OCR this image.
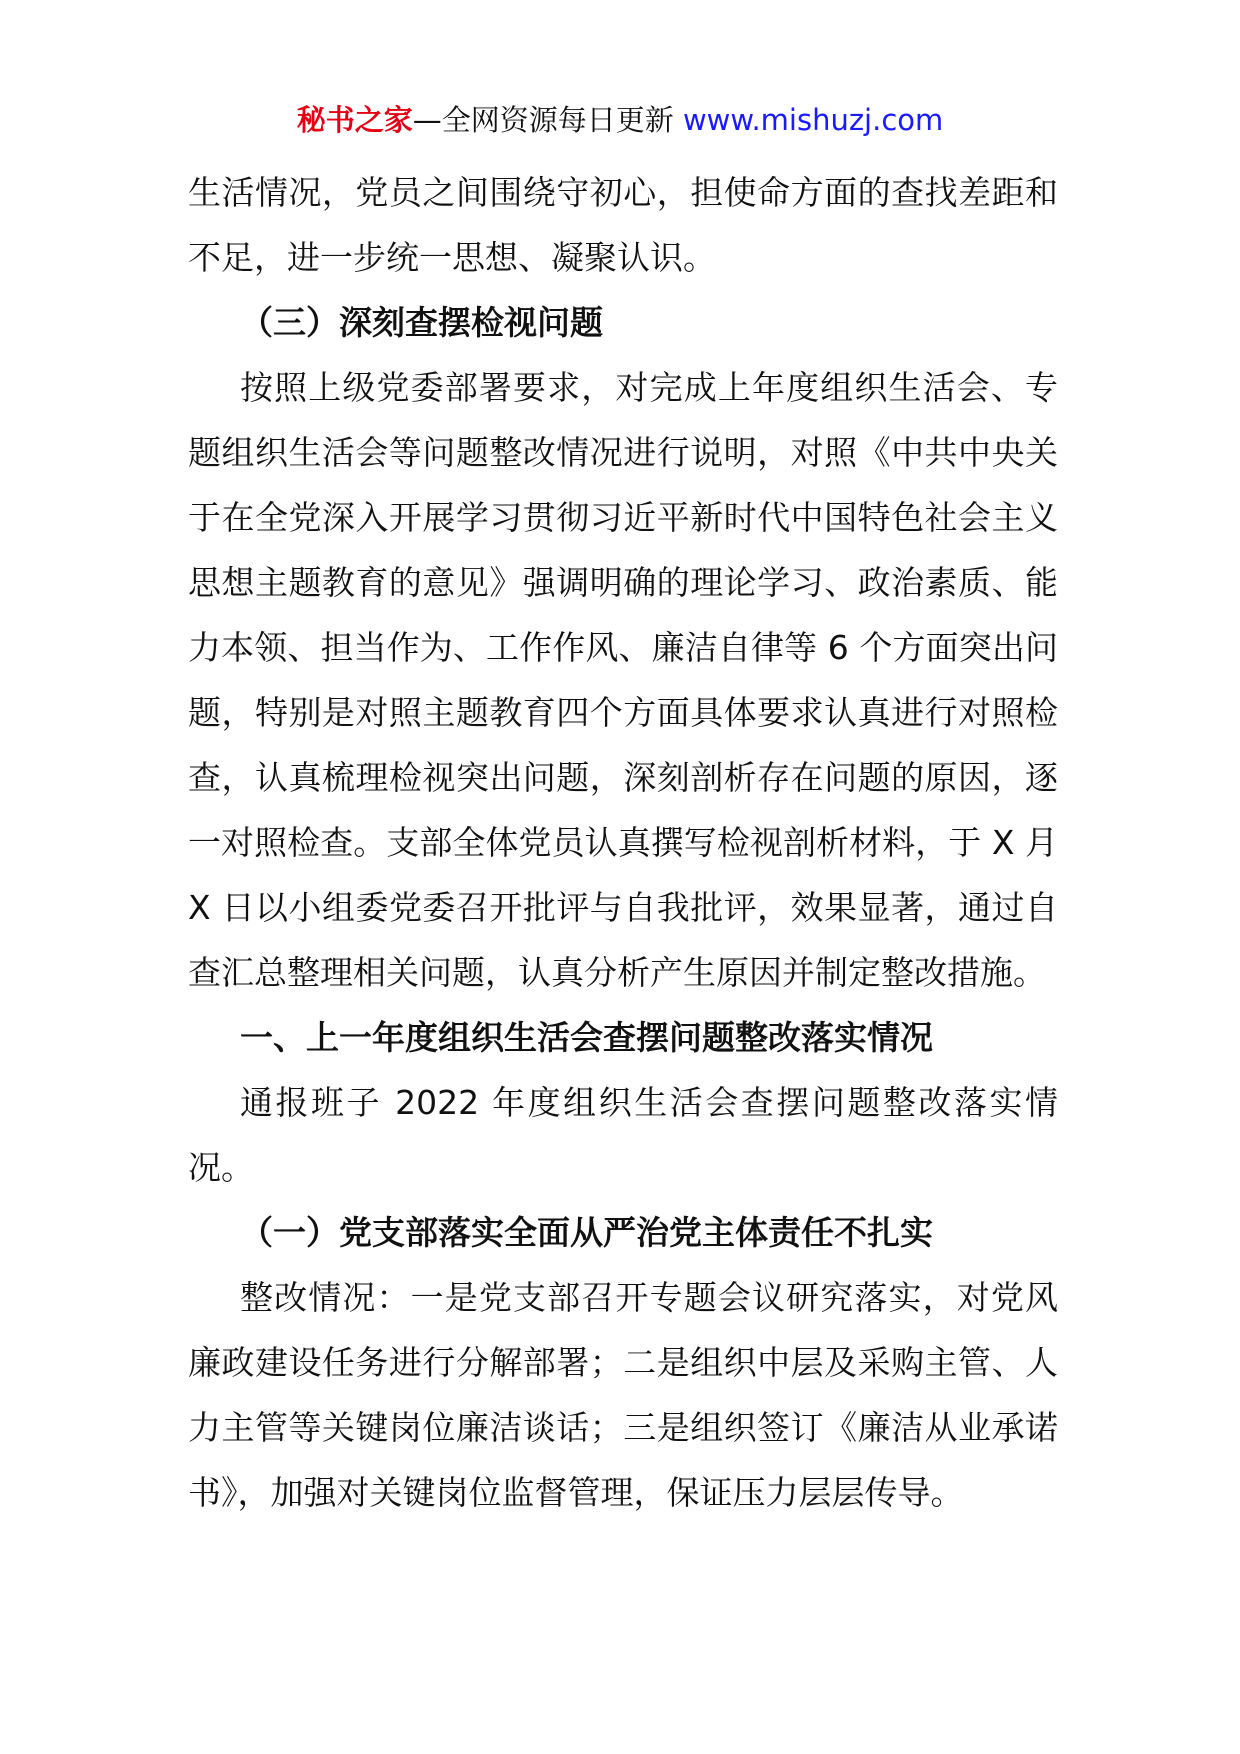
秘书之家—全网资源每日更新 www.mishuzj.com

生活情况，党员之间围绕守初心，担使命方面的查找差距和不足，进一步统一思想、凝聚认识。

（三）深刻查摆检视问题

按照上级党委部署要求，对完成上年度组织生活会、专题组织生活会等问题整改情况进行说明，对照《中共中央关于在全党深入开展学习贯彻习近平新时代中国特色社会主义思想主题教育的意见》强调明确的理论学习、政治素质、能力本领、担当作为、工作作风、廉洁自律等 6 个方面突出问题，特别是对照主题教育四个方面具体要求认真进行对照检查，认真梳理检视突出问题，深刻剖析存在问题的原因，逐一对照检查。支部全体党员认真撰写检视剖析材料，于 X 月 X 日以小组委党委召开批评与自我批评，效果显著，通过自查汇总整理相关问题，认真分析产生原因并制定整改措施。

一、上一年度组织生活会查摆问题整改落实情况

通报班子 2022 年度组织生活会查摆问题整改落实情况。

（一）党支部落实全面从严治党主体责任不扎实

整改情况：一是党支部召开专题会议研究落实，对党风廉政建设任务进行分解部署；二是组织中层及采购主管、人力主管等关键岗位廉洁谈话；三是组织签订《廉洁从业承诺书》，加强对关键岗位监督管理，保证压力层层传导。
